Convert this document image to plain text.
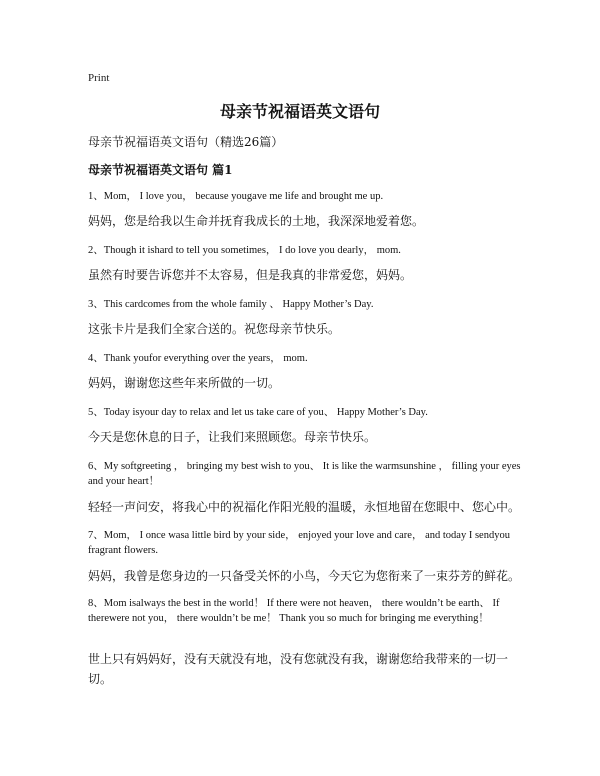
Print
母亲节祝福语英文语句
母亲节祝福语英文语句（精选26篇）
母亲节祝福语英文语句 篇1
1、Mom， I love you， because yougave me life and brought me up.
妈妈，您是给我以生命并抚育我成长的土地，我深深地爱着您。
2、Though it ishard to tell you sometimes， I do love you dearly， mom.
虽然有时要告诉您并不太容易，但是我真的非常爱您，妈妈。
3、This cardcomes from the whole family 、 Happy Mother’s Day.
这张卡片是我们全家合送的。祝您母亲节快乐。
4、Thank youfor everything over the years， mom.
妈妈，谢谢您这些年来所做的一切。
5、Today isyour day to relax and let us take care of you、 Happy Mother’s Day.
今天是您休息的日子，让我们来照顾您。母亲节快乐。
6、My softgreeting ， bringing my best wish to you、 It is like the warmsunshine ， filling your eyes and your heart！
轻轻一声问安，将我心中的祝福化作阳光般的温暖，永恒地留在您眼中、您心中。
7、Mom， I once wasa little bird by your side， enjoyed your love and care， and today I sendyou fragrant flowers.
妈妈，我曾是您身边的一只备受关怀的小鸟，今天它为您衔来了一束芬芳的鲜花。
8、Mom isalways the best in the world！ If there were not heaven， there wouldn’t be earth、 If therewere not you， there wouldn’t be me！ Thank you so much for bringing me everything！
世上只有妈妈好，没有天就没有地，没有您就没有我，谢谢您给我带来的一切一切。
